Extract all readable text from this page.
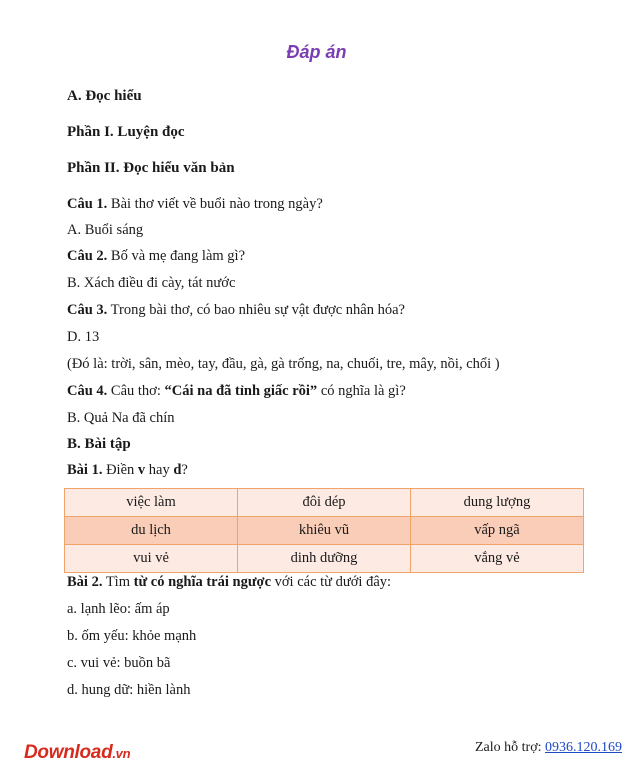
Đáp án
A. Đọc hiểu
Phần I. Luyện đọc
Phần II. Đọc hiểu văn bản
Câu 1. Bài thơ viết về buổi nào trong ngày?
A. Buổi sáng
Câu 2. Bố và mẹ đang làm gì?
B. Xách điều đi cày, tát nước
Câu 3. Trong bài thơ, có bao nhiêu sự vật được nhân hóa?
D. 13
(Đó là: trời, sân, mèo, tay, đầu, gà, gà trống, na, chuối, tre, mây, nồi, chổi )
Câu 4. Câu thơ: “Cái na đã tỉnh giấc rồi” có nghĩa là gì?
B. Quả Na đã chín
B. Bài tập
Bài 1. Điền v hay d?
việc làm	đôi dép	dung lượng
du lịch	khiêu vũ	vấp ngã
vui vẻ	dinh dưỡng	vắng vẻ
Bài 2. Tìm từ có nghĩa trái ngược với các từ dưới đây:
a. lạnh lẽo: ấm áp
b. ốm yếu: khỏe mạnh
c. vui vẻ: buồn bã
d. hung dữ: hiền lành
Download.vn	Zalo hỗ trợ: 0936.120.169
